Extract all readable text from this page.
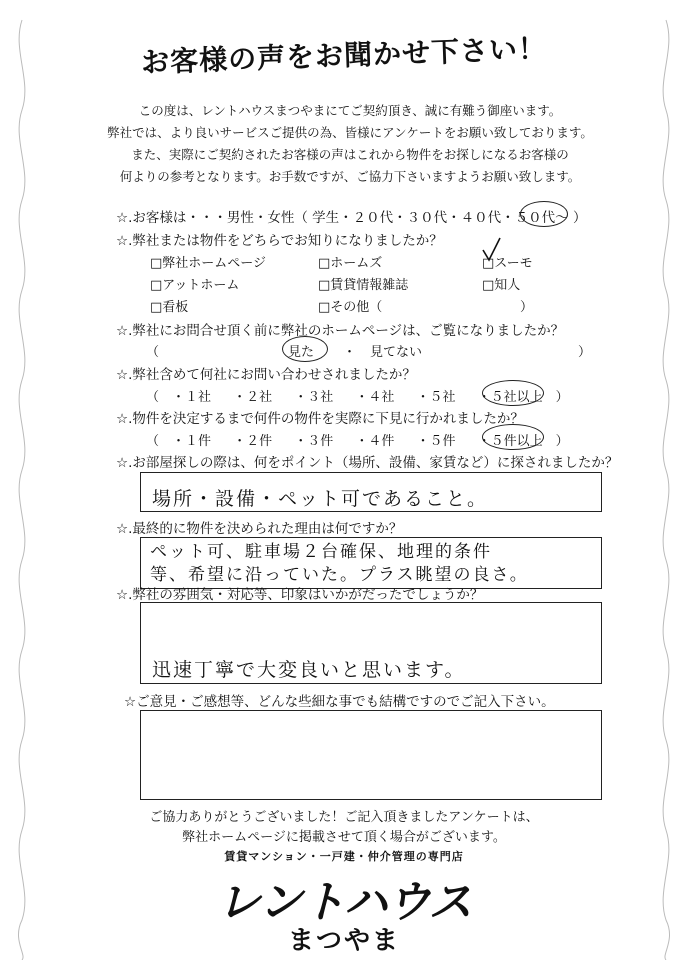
お客様の声をお聞かせ下さい！
この度は、レントハウスまつやまにてご契約頂き、誠に有難う御座います。
弊社では、より良いサービスご提供の為、皆様にアンケートをお願い致しております。
また、実際にご契約されたお客様の声はこれから物件をお探しになるお客様の
何よりの参考となります。お手数ですが、ご協力下さいますようお願い致します。
☆.お客様は・・・男性・女性（ 学生・２０代・３０代・４０代・５０代～ ）
☆.弊社または物件をどちらでお知りになりましたか？
□弊社ホームページ	□ホームズ	□スーモ
□アットホーム	□賃貸情報雑誌	□知人
□看板	□その他（	）
☆.弊社にお問合せ頂く前に弊社のホームページは、ご覧になりましたか？
（	見た ・ 見てない	）
☆.弊社含めて何社にお問い合わせされましたか？
（　・１社 ・２社 ・３社 ・４社 ・５社 ・５社以上　）
☆.物件を決定するまで何件の物件を実際に下見に行かれましたか？
（　・１件 ・２件 ・３件 ・４件 ・５件 ・５件以上　）
☆.お部屋探しの際は、何をポイント（場所、設備、家賃など）に探されましたか？
場所・設備・ペット可であること。
☆.最終的に物件を決められた理由は何ですか？
ペット可、駐車場２台確保、地理的条件
等、希望に沿っていた。プラス眺望の良さ。
☆.弊社の雰囲気・対応等、印象はいかがだったでしょうか？
迅速丁寧で大変良いと思います。
☆ご意見・ご感想等、どんな些細な事でも結構ですのでご記入下さい。
ご協力ありがとうございました！ご記入頂きましたアンケートは、
弊社ホームページに掲載させて頂く場合がございます。
賃貸マンション・一戸建・仲介管理の専門店
レントハウス
まつやま
